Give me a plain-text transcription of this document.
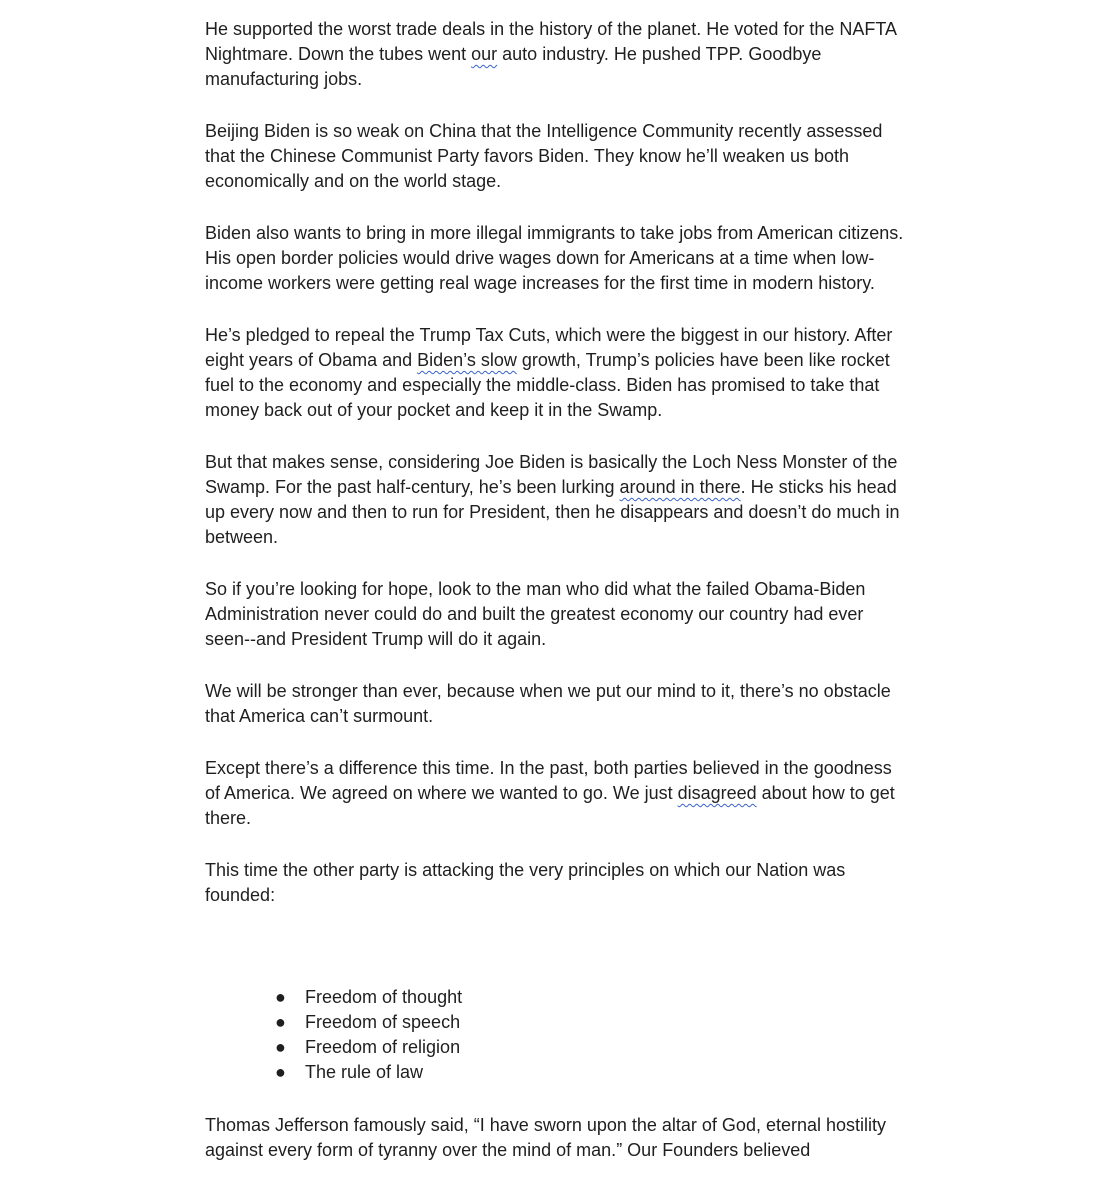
He supported the worst trade deals in the history of the planet. He voted for the NAFTA Nightmare. Down the tubes went our auto industry. He pushed TPP. Goodbye manufacturing jobs.

Beijing Biden is so weak on China that the Intelligence Community recently assessed that the Chinese Communist Party favors Biden. They know he’ll weaken us both economically and on the world stage.

Biden also wants to bring in more illegal immigrants to take jobs from American citizens. His open border policies would drive wages down for Americans at a time when low-income workers were getting real wage increases for the first time in modern history.

He’s pledged to repeal the Trump Tax Cuts, which were the biggest in our history. After eight years of Obama and Biden’s slow growth, Trump’s policies have been like rocket fuel to the economy and especially the middle-class. Biden has promised to take that money back out of your pocket and keep it in the Swamp.

But that makes sense, considering Joe Biden is basically the Loch Ness Monster of the Swamp. For the past half-century, he’s been lurking around in there. He sticks his head up every now and then to run for President, then he disappears and doesn’t do much in between.

So if you’re looking for hope, look to the man who did what the failed Obama-Biden Administration never could do and built the greatest economy our country had ever seen--and President Trump will do it again.

We will be stronger than ever, because when we put our mind to it, there’s no obstacle that America can’t surmount.

Except there’s a difference this time. In the past, both parties believed in the goodness of America. We agreed on where we wanted to go. We just disagreed about how to get there.

This time the other party is attacking the very principles on which our Nation was founded:

● Freedom of thought
● Freedom of speech
● Freedom of religion
● The rule of law

Thomas Jefferson famously said, “I have sworn upon the altar of God, eternal hostility against every form of tyranny over the mind of man.” Our Founders believed
